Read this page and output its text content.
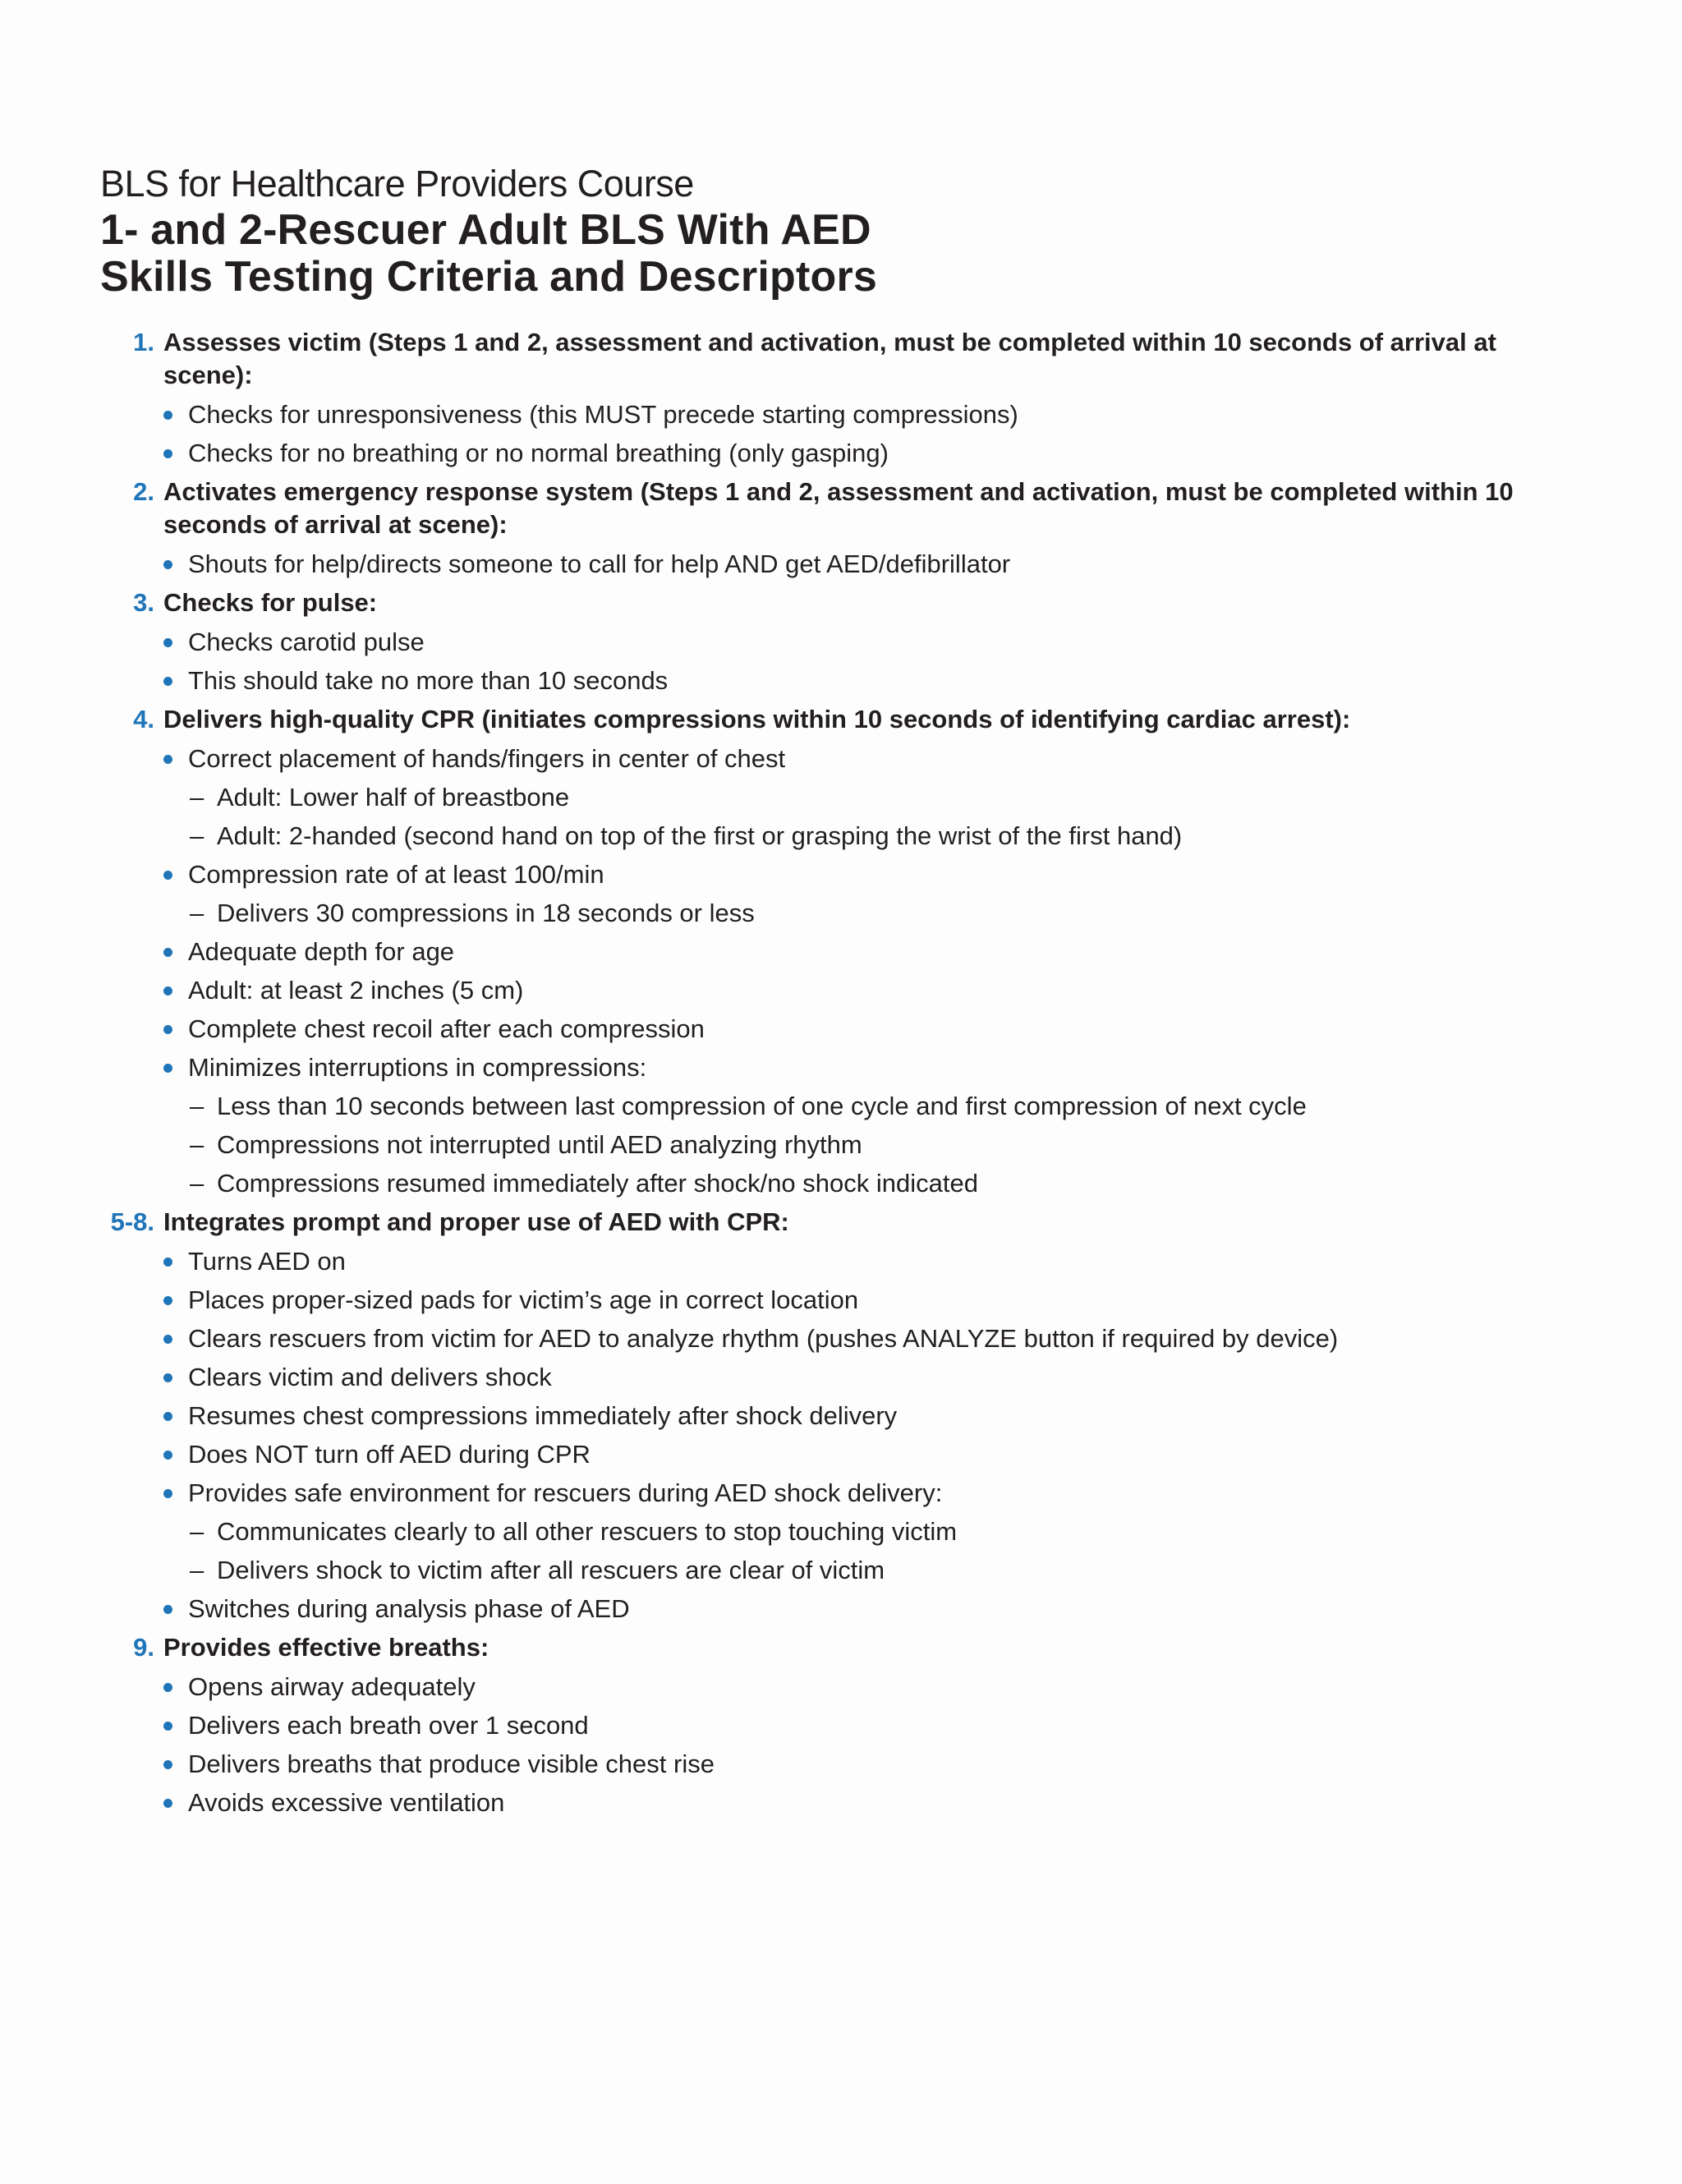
BLS for Healthcare Providers Course
1- and 2-Rescuer Adult BLS With AED
Skills Testing Criteria and Descriptors
1. Assesses victim (Steps 1 and 2, assessment and activation, must be completed within 10 seconds of arrival at scene):
Checks for unresponsiveness (this MUST precede starting compressions)
Checks for no breathing or no normal breathing (only gasping)
2. Activates emergency response system (Steps 1 and 2, assessment and activation, must be completed within 10 seconds of arrival at scene):
Shouts for help/directs someone to call for help AND get AED/defibrillator
3. Checks for pulse:
Checks carotid pulse
This should take no more than 10 seconds
4. Delivers high-quality CPR (initiates compressions within 10 seconds of identifying cardiac arrest):
Correct placement of hands/fingers in center of chest
– Adult: Lower half of breastbone
– Adult: 2-handed (second hand on top of the first or grasping the wrist of the first hand)
Compression rate of at least 100/min
– Delivers 30 compressions in 18 seconds or less
Adequate depth for age
Adult: at least 2 inches (5 cm)
Complete chest recoil after each compression
Minimizes interruptions in compressions:
– Less than 10 seconds between last compression of one cycle and first compression of next cycle
– Compressions not interrupted until AED analyzing rhythm
– Compressions resumed immediately after shock/no shock indicated
5-8. Integrates prompt and proper use of AED with CPR:
Turns AED on
Places proper-sized pads for victim’s age in correct location
Clears rescuers from victim for AED to analyze rhythm (pushes ANALYZE button if required by device)
Clears victim and delivers shock
Resumes chest compressions immediately after shock delivery
Does NOT turn off AED during CPR
Provides safe environment for rescuers during AED shock delivery:
– Communicates clearly to all other rescuers to stop touching victim
– Delivers shock to victim after all rescuers are clear of victim
Switches during analysis phase of AED
9. Provides effective breaths:
Opens airway adequately
Delivers each breath over 1 second
Delivers breaths that produce visible chest rise
Avoids excessive ventilation
